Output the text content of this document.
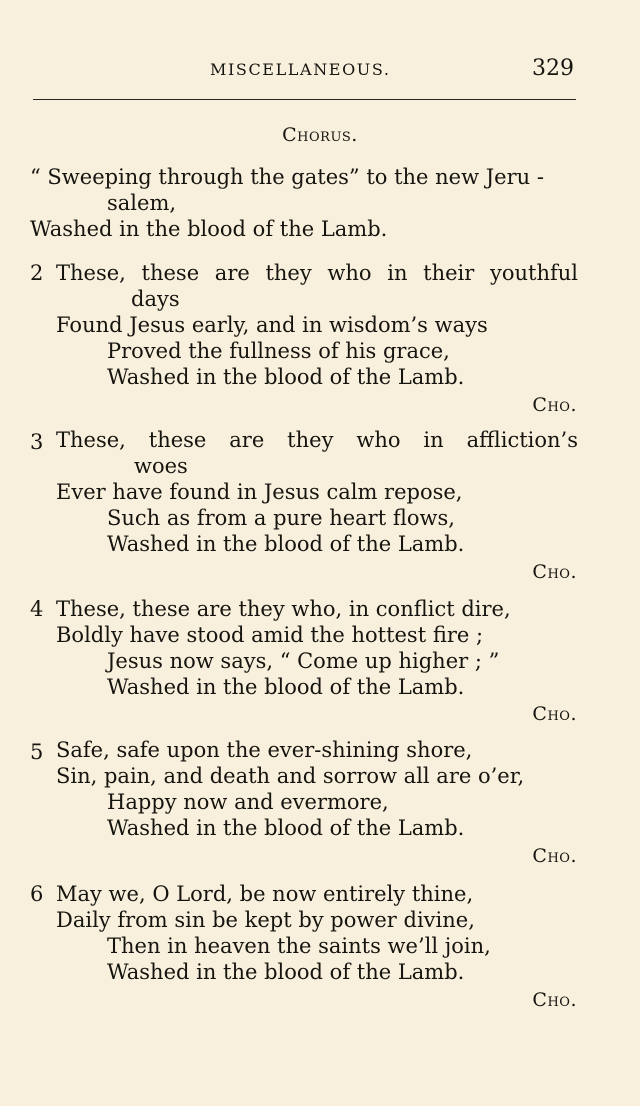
MISCELLANEOUS.	329
Chorus.

“ Sweeping through the gates” to the new Jeru -

salem,

Washed in the blood of the Lamb.

2 These, these are they who in their youthful

days

Found Jesus early, and in wisdom’s ways

Proved the fullness of his grace,

Washed in the blood of the Lamb.

Cho.
3 These, these are they who in affliction’s

woes

Ever have found in Jesus calm repose,

Such as from a pure heart flows,

Washed in the blood of the Lamb.

Cho.
4 These, these are they who, in conflict dire,

Boldly have stood amid the hottest fire ;

Jesus now says, “ Come up higher ; ”

Washed in the blood of the Lamb.

Cho.
5 Safe, safe upon the ever-shining shore,

Sin, pain, and death and sorrow all are o’er,

Happy now and evermore,

Washed in the blood of the Lamb.

Cho.
6 May we, O Lord, be now entirely thine,

Daily from sin be kept by power divine,

Then in heaven the saints we’ll join,

Washed in the blood of the Lamb.

Cho.
